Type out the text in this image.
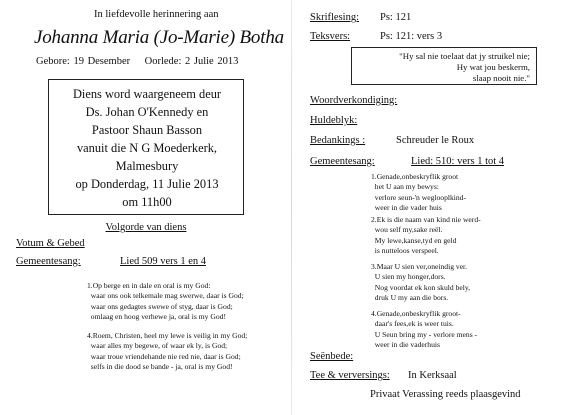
In liefdevolle herinnering aan
Johanna Maria (Jo-Marie) Botha
Gebore: 19 Desember Oorlede: 2 Julie 2013
Diens word waargeneem deur
Ds. Johan O'Kennedy en
Pastoor Shaun Basson
vanuit die N G Moederkerk,
Malmesbury
op Donderdag, 11 Julie 2013
om 11h00
Volgorde van diens
Votum & Gebed
Gemeentesang:	Lied 509 vers 1 en 4
1.Op berge en in dale en oral is my God:
waar ons ook telkemale mag swerwe, daar is God;
waar ons gedagtes swewe of styg, daar is God;
omlaag en hoog verhewe ja, oral is my God!
4.Roem, Christen, heel my lewe is veilig in my God;
waar alles my begewe, of waar ek ly, is God;
waar troue vriendehande nie red nie, daar is God;
selfs in die dood se bande - ja, oral is my God!
Skriflesing: Ps: 121
Teksvers:	Ps: 121: vers 3
"Hy sal nie toelaat dat jy struikel nie;
Hy wat jou beskerm,
slaap nooit nie."
Woordverkondiging:
Huldeblyk:
Bedankings :	Schreuder le Roux
Gemeentesang:	Lied: 510: vers 1 tot 4
1.Genade,onbeskryflik groot
het U aan my bewys:
verlore seun-'n weglooplkind-
weer in die vader huis
2.Ek is die naam van kind nie werd-
wou self my,sake reël.
My lewe,kanse,tyd en geld
is nutteloos verspeel.
3.Maar U sien ver,oneindig ver.
U sien my honger,dors.
Nog voordat ek kon skuld bely,
druk U my aan die bors.
4.Genade,onbeskryflik groot-
daar's fees,ek is weer tuis.
U Seun bring my - verlore mens -
weer in die vaderhuis
Seënbede:
Tee & verversings: In Kerksaal
Privaat Verassing reeds plaasgevind
